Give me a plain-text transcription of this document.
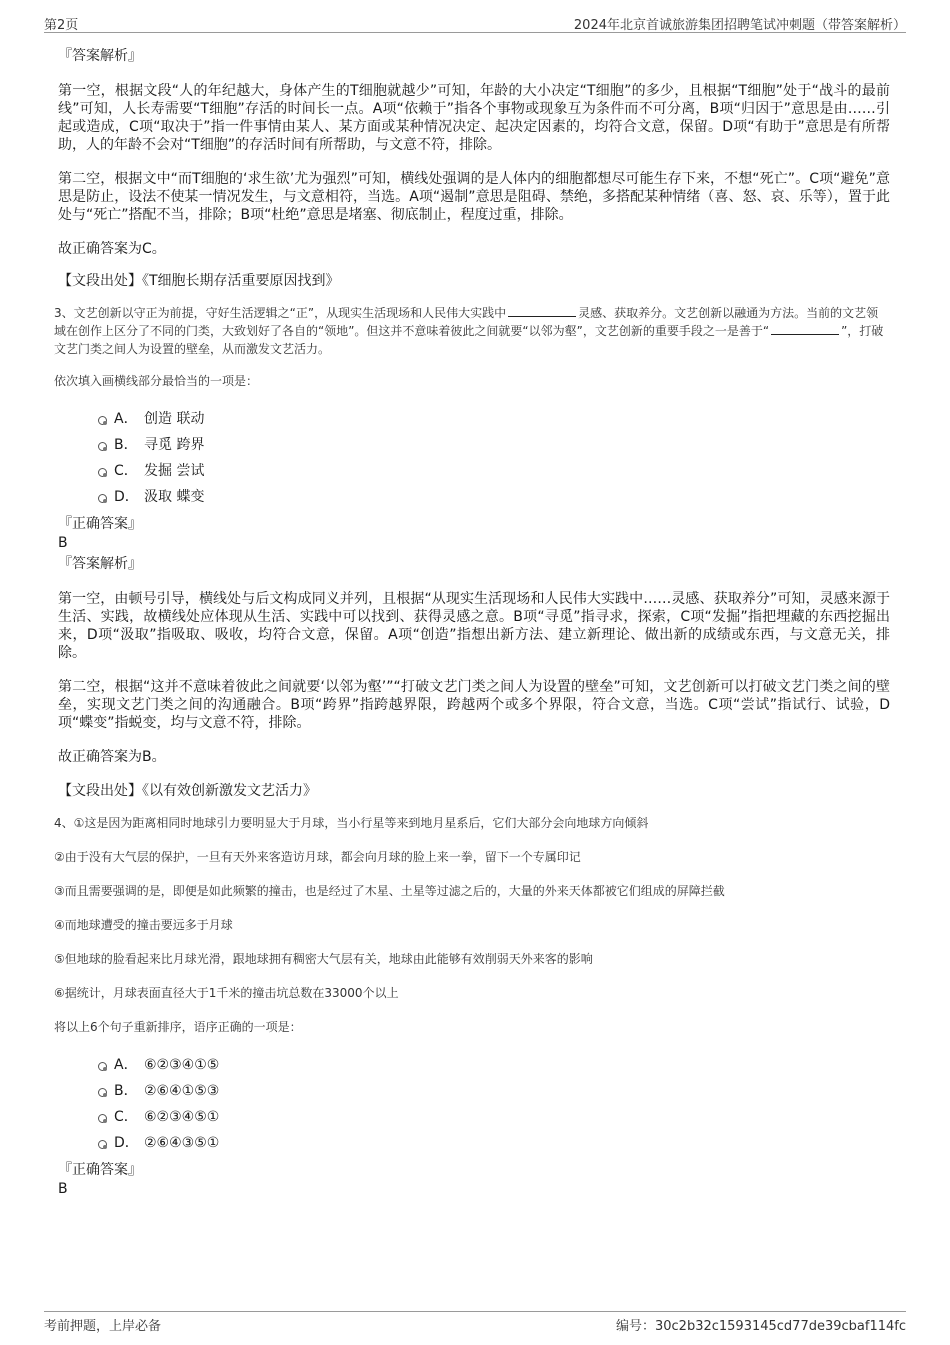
第2页	2024年北京首诚旅游集团招聘笔试冲刺题（带答案解析）

『答案解析』

第一空，根据文段“人的年纪越大，身体产生的T细胞就越少”可知，年龄的大小决定“T细胞”的多少，且根据“T细胞”处于“战斗的最前线”可知，人长寿需要“T细胞”存活的时间长一点。A项“依赖于”指各个事物或现象互为条件而不可分离，B项“归因于”意思是由……引起或造成，C项“取决于”指一件事情由某人、某方面或某种情况决定、起决定因素的，均符合文意，保留。D项“有助于”意思是有所帮助，人的年龄不会对“T细胞”的存活时间有所帮助，与文意不符，排除。

第二空，根据文中“而T细胞的‘求生欲’尤为强烈”可知，横线处强调的是人体内的细胞都想尽可能生存下来，不想“死亡”。C项“避免”意思是防止，设法不使某一情况发生，与文意相符，当选。A项“遏制”意思是阻碍、禁绝，多搭配某种情绪（喜、怒、哀、乐等），置于此处与“死亡”搭配不当，排除；B项“杜绝”意思是堵塞、彻底制止，程度过重，排除。

故正确答案为C。

【文段出处】《T细胞长期存活重要原因找到》

3、文艺创新以守正为前提，守好生活逻辑之“正”，从现实生活现场和人民伟大实践中	灵感、获取养分。文艺创新以融通为方法。当前的文艺领域在创作上区分了不同的门类，大致划好了各自的“领地”。但这并不意味着彼此之间就要“以邻为壑”，文艺创新的重要手段之一是善于“	”，打破文艺门类之间人为设置的壁垒，从而激发文艺活力。

依次填入画横线部分最恰当的一项是：

A． 创造 联动
B． 寻觅 跨界
C． 发掘 尝试
D． 汲取 蝶变

『正确答案』

B

『答案解析』

第一空，由顿号引导，横线处与后文构成同义并列，且根据“从现实生活现场和人民伟大实践中……灵感、获取养分”可知，灵感来源于生活、实践，故横线处应体现从生活、实践中可以找到、获得灵感之意。B项“寻觅”指寻求，探索，C项“发掘”指把埋藏的东西挖掘出来，D项“汲取”指吸取、吸收，均符合文意，保留。A项“创造”指想出新方法、建立新理论、做出新的成绩或东西，与文意无关，排除。

第二空，根据“这并不意味着彼此之间就要‘以邻为壑’”“打破文艺门类之间人为设置的壁垒”可知，文艺创新可以打破文艺门类之间的壁垒，实现文艺门类之间的沟通融合。B项“跨界”指跨越界限，跨越两个或多个界限，符合文意，当选。C项“尝试”指试行、试验，D项“蝶变”指蜕变，均与文意不符，排除。

故正确答案为B。

【文段出处】《以有效创新激发文艺活力》

4、①这是因为距离相同时地球引力要明显大于月球，当小行星等来到地月星系后，它们大部分会向地球方向倾斜

②由于没有大气层的保护，一旦有天外来客造访月球，都会向月球的脸上来一拳，留下一个专属印记

③而且需要强调的是，即便是如此频繁的撞击，也是经过了木星、土星等过滤之后的，大量的外来天体都被它们组成的屏障拦截

④而地球遭受的撞击要远多于月球

⑤但地球的脸看起来比月球光滑，跟地球拥有稠密大气层有关，地球由此能够有效削弱天外来客的影响

⑥据统计，月球表面直径大于1千米的撞击坑总数在33000个以上

将以上6个句子重新排序，语序正确的一项是：

A． ⑥②③④①⑤
B． ②⑥④①⑤③
C． ⑥②③④⑤①
D． ②⑥④③⑤①

『正确答案』

B

考前押题，上岸必备	编号：30c2b32c1593145cd77de39cbaf114fc
